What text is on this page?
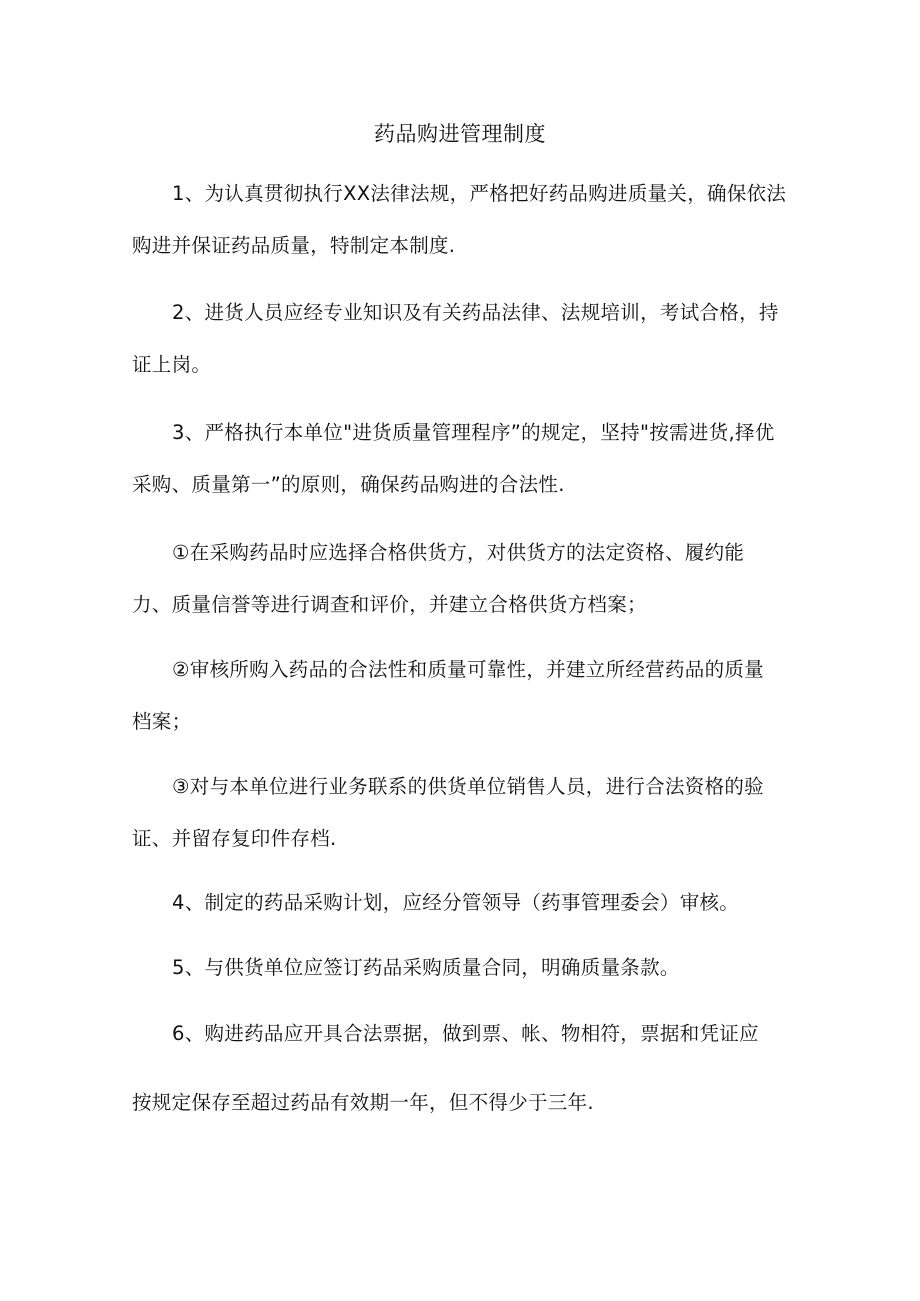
药品购进管理制度

1、为认真贯彻执行XX法律法规，严格把好药品购进质量关，确保依法
购进并保证药品质量，特制定本制度.

2、进货人员应经专业知识及有关药品法律、法规培训，考试合格，持
证上岗。

3、严格执行本单位"进货质量管理程序”的规定，坚持"按需进货,择优
采购、质量第一”的原则，确保药品购进的合法性.

①在采购药品时应选择合格供货方，对供货方的法定资格、履约能
力、质量信誉等进行调查和评价，并建立合格供货方档案；

②审核所购入药品的合法性和质量可靠性，并建立所经营药品的质量
档案；

③对与本单位进行业务联系的供货单位销售人员，进行合法资格的验
证、并留存复印件存档.

4、制定的药品采购计划，应经分管领导（药事管理委会）审核。

5、与供货单位应签订药品采购质量合同，明确质量条款。

6、购进药品应开具合法票据，做到票、帐、物相符，票据和凭证应
按规定保存至超过药品有效期一年，但不得少于三年.
